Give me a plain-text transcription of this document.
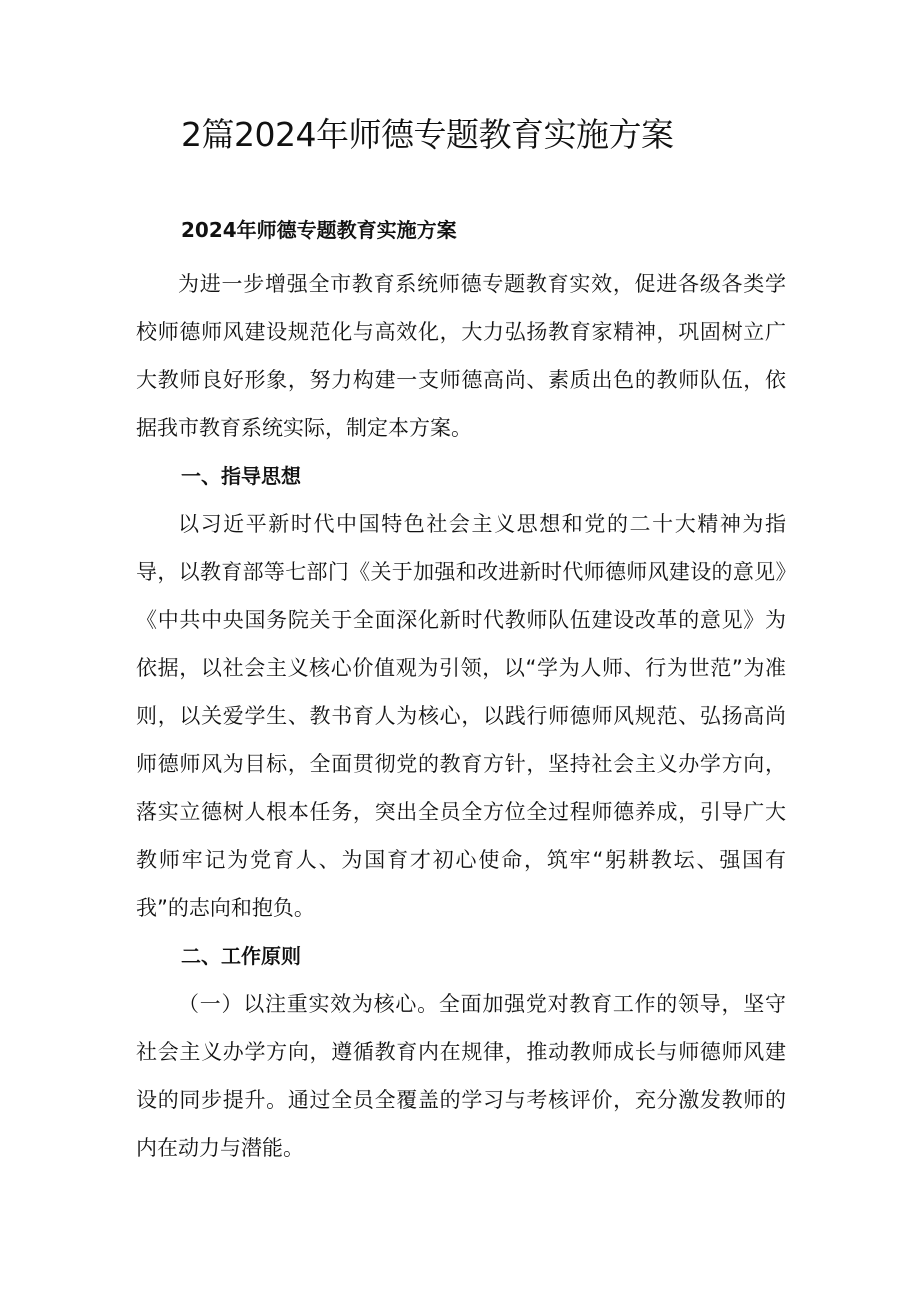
2篇2024年师德专题教育实施方案
2024年师德专题教育实施方案

为进一步增强全市教育系统师德专题教育实效，促进各级各类学校师德师风建设规范化与高效化，大力弘扬教育家精神，巩固树立广大教师良好形象，努力构建一支师德高尚、素质出色的教师队伍，依据我市教育系统实际，制定本方案。

一、指导思想

以习近平新时代中国特色社会主义思想和党的二十大精神为指导，以教育部等七部门《关于加强和改进新时代师德师风建设的意见》《中共中央国务院关于全面深化新时代教师队伍建设改革的意见》为依据，以社会主义核心价值观为引领，以“学为人师、行为世范”为准则，以关爱学生、教书育人为核心，以践行师德师风规范、弘扬高尚师德师风为目标，全面贯彻党的教育方针，坚持社会主义办学方向，落实立德树人根本任务，突出全员全方位全过程师德养成，引导广大教师牢记为党育人、为国育才初心使命，筑牢“躬耕教坛、强国有我”的志向和抱负。

二、工作原则

（一）以注重实效为核心。全面加强党对教育工作的领导，坚守社会主义办学方向，遵循教育内在规律，推动教师成长与师德师风建设的同步提升。通过全员全覆盖的学习与考核评价，充分激发教师的内在动力与潜能。
